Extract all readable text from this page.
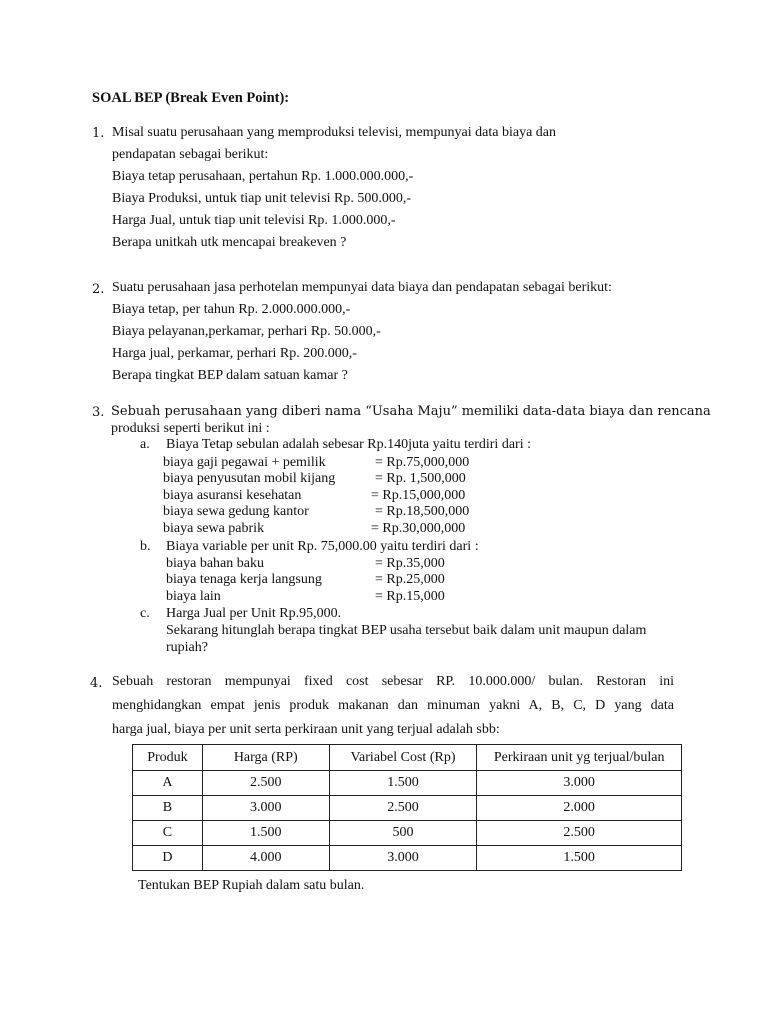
SOAL BEP (Break Even Point):
1. Misal suatu perusahaan yang memproduksi televisi, mempunyai data biaya dan
pendapatan sebagai berikut:
Biaya tetap perusahaan, pertahun Rp. 1.000.000.000,-
Biaya Produksi, untuk tiap unit televisi Rp. 500.000,-
Harga Jual, untuk tiap unit televisi Rp. 1.000.000,-
Berapa unitkah utk mencapai breakeven ?
2. Suatu perusahaan jasa perhotelan mempunyai data biaya dan pendapatan sebagai berikut:
Biaya tetap, per tahun Rp. 2.000.000.000,-
Biaya pelayanan,perkamar, perhari Rp. 50.000,-
Harga jual, perkamar, perhari Rp. 200.000,-
Berapa tingkat BEP dalam satuan kamar ?
3. Sebuah perusahaan yang diberi nama “Usaha Maju” memiliki data-data biaya dan rencana
produksi seperti berikut ini :
a. Biaya Tetap sebulan adalah sebesar Rp.140juta yaitu terdiri dari :
biaya gaji pegawai + pemilik	= Rp.75,000,000
biaya penyusutan mobil kijang	= Rp. 1,500,000
biaya asuransi kesehatan	= Rp.15,000,000
biaya sewa gedung kantor	= Rp.18,500,000
biaya sewa pabrik	= Rp.30,000,000
b. Biaya variable per unit Rp. 75,000.00 yaitu terdiri dari :
biaya bahan baku	= Rp.35,000
biaya tenaga kerja langsung	= Rp.25,000
biaya lain	= Rp.15,000
c. Harga Jual per Unit Rp.95,000.
Sekarang hitunglah berapa tingkat BEP usaha tersebut baik dalam unit maupun dalam
rupiah?
4. Sebuah restoran mempunyai fixed cost sebesar RP. 10.000.000/ bulan. Restoran ini
menghidangkan empat jenis produk makanan dan minuman yakni A, B, C, D yang data
harga jual, biaya per unit serta perkiraan unit yang terjual adalah sbb:
Produk	Harga (RP)	Variabel Cost (Rp)	Perkiraan unit yg terjual/bulan
A	2.500	1.500	3.000
B	3.000	2.500	2.000
C	1.500	500	2.500
D	4.000	3.000	1.500
Tentukan BEP Rupiah dalam satu bulan.
